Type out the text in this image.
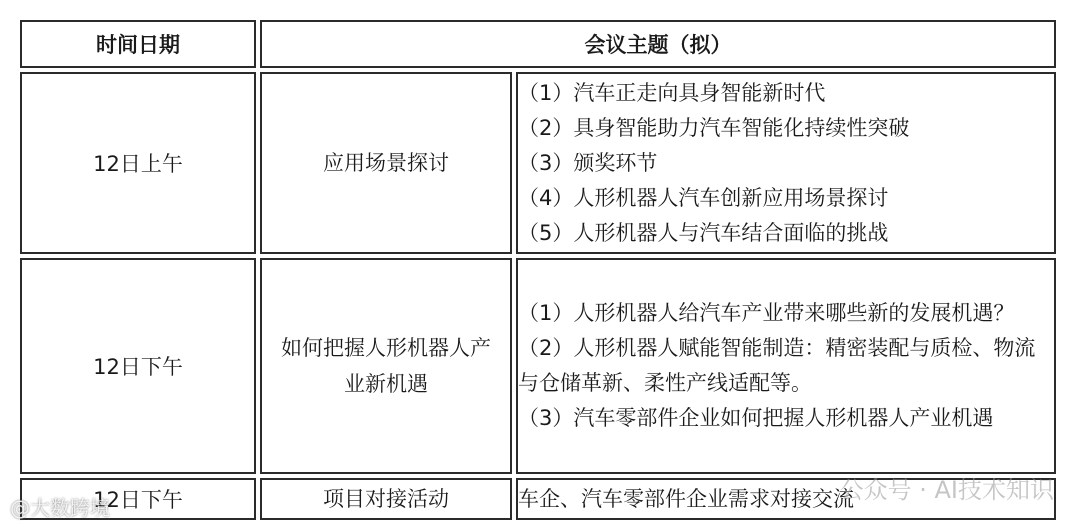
时间日期	会议主题（拟）	
12日上午	应用场景探讨	（1）汽车正走向具身智能新时代
（2）具身智能助力汽车智能化持续性突破
（3）颁奖环节
（4）人形机器人汽车创新应用场景探讨
（5）人形机器人与汽车结合面临的挑战

12日下午	如何把握人形机器人产业新机遇	（1）人形机器人给汽车产业带来哪些新的发展机遇？
（2）人形机器人赋能智能制造：精密装配与质检、物流与仓储革新、柔性产线适配等。
（3）汽车零部件企业如何把握人形机器人产业机遇

12日下午	项目对接活动	车企、汽车零部件企业需求对接交流
公众号 · AI技术知识
@大数跨境
